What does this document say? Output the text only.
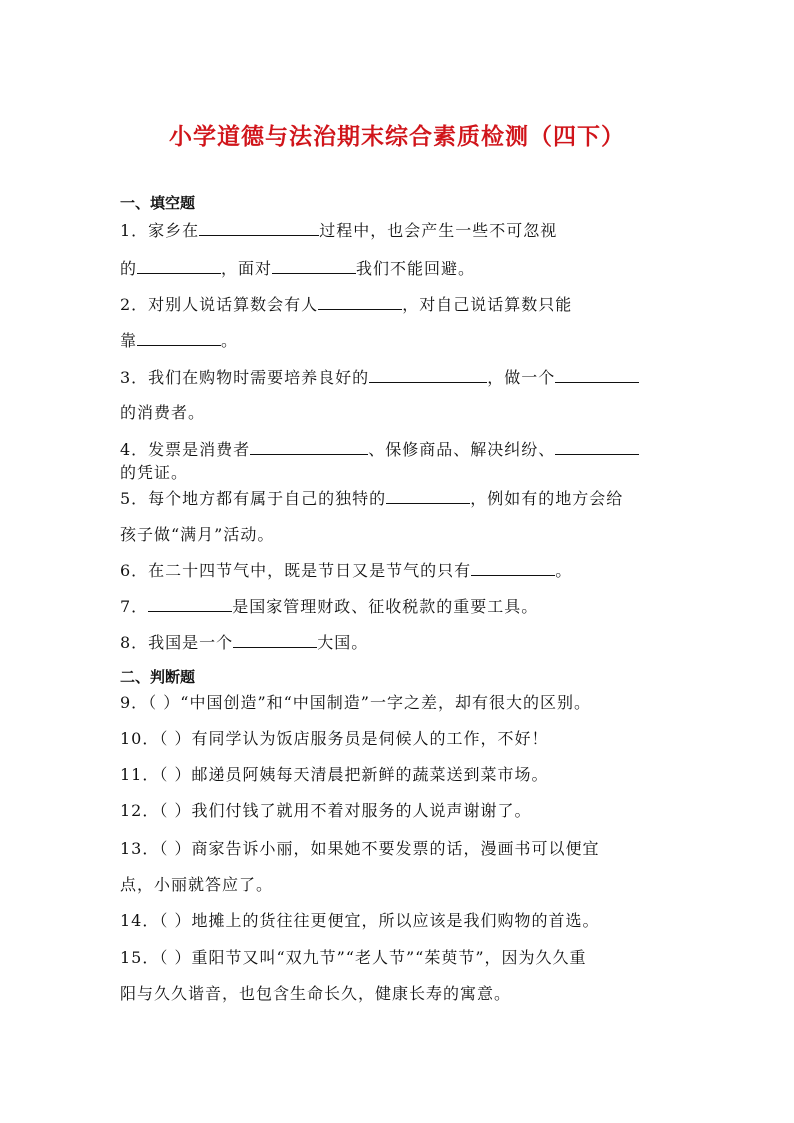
小学道德与法治期末综合素质检测（四下）
一、填空题
1．家乡在	过程中，也会产生一些不可忽视
的	，面对	我们不能回避。
2．对别人说话算数会有人	，对自己说话算数只能
靠	。
3．我们在购物时需要培养良好的	，做一个
的消费者。
4．发票是消费者	、保修商品、解决纠纷、
的凭证。
5．每个地方都有属于自己的独特的	，例如有的地方会给
孩子做“满月”活动。
6．在二十四节气中，既是节日又是节气的只有	。
7．	是国家管理财政、征收税款的重要工具。
8．我国是一个	大国。
二、判断题
9．（ ）“中国创造”和“中国制造”一字之差，却有很大的区别。
10．（ ）有同学认为饭店服务员是伺候人的工作，不好！
11．（ ）邮递员阿姨每天清晨把新鲜的蔬菜送到菜市场。
12．（ ）我们付钱了就用不着对服务的人说声谢谢了。
13．（ ）商家告诉小丽，如果她不要发票的话，漫画书可以便宜
点，小丽就答应了。
14．（ ）地摊上的货往往更便宜，所以应该是我们购物的首选。
15．（ ）重阳节又叫“双九节”“老人节”“茱萸节”，因为久久重
阳与久久谐音，也包含生命长久，健康长寿的寓意。
